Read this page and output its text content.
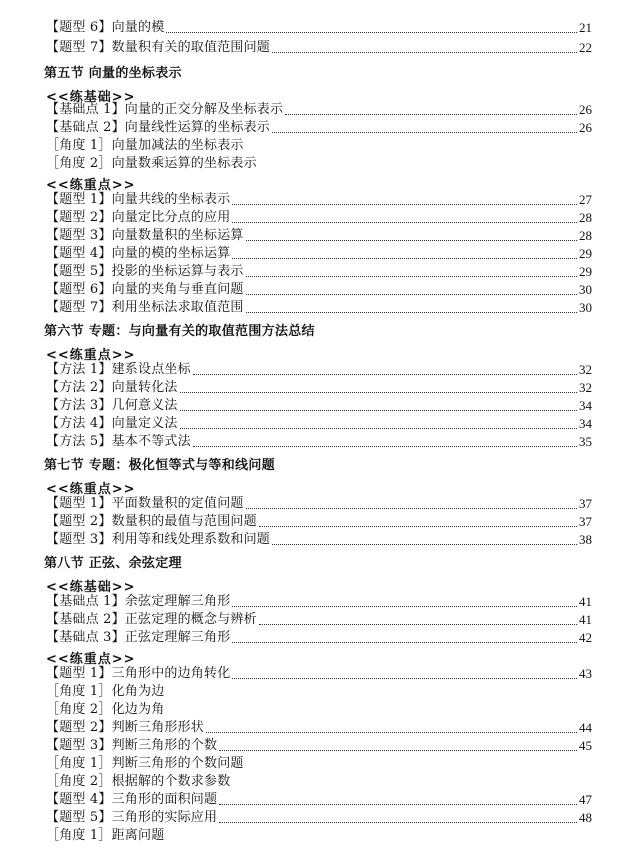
【题型 6】向量的模	21
【题型 7】数量积有关的取值范围问题	22
第五节 向量的坐标表示
<<练基础>>
【基础点 1】向量的正交分解及坐标表示	26
【基础点 2】向量线性运算的坐标表示	26
［角度 1］向量加减法的坐标表示
［角度 2］向量数乘运算的坐标表示
<<练重点>>
【题型 1】向量共线的坐标表示	27
【题型 2】向量定比分点的应用	28
【题型 3】向量数量积的坐标运算	28
【题型 4】向量的模的坐标运算	29
【题型 5】投影的坐标运算与表示	29
【题型 6】向量的夹角与垂直问题	30
【题型 7】利用坐标法求取值范围	30
第六节 专题：与向量有关的取值范围方法总结
<<练重点>>
【方法 1】建系设点坐标	32
【方法 2】向量转化法	32
【方法 3】几何意义法	34
【方法 4】向量定义法	34
【方法 5】基本不等式法	35
第七节 专题：极化恒等式与等和线问题
<<练重点>>
【题型 1】平面数量积的定值问题	37
【题型 2】数量积的最值与范围问题	37
【题型 3】利用等和线处理系数和问题	38
第八节 正弦、余弦定理
<<练基础>>
【基础点 1】余弦定理解三角形	41
【基础点 2】正弦定理的概念与辨析	41
【基础点 3】正弦定理解三角形	42
<<练重点>>
【题型 1】三角形中的边角转化	43
［角度 1］化角为边
［角度 2］化边为角
【题型 2】判断三角形形状	44
【题型 3】判断三角形的个数	45
［角度 1］判断三角形的个数问题
［角度 2］根据解的个数求参数
【题型 4】三角形的面积问题	47
【题型 5】三角形的实际应用	48
［角度 1］距离问题
